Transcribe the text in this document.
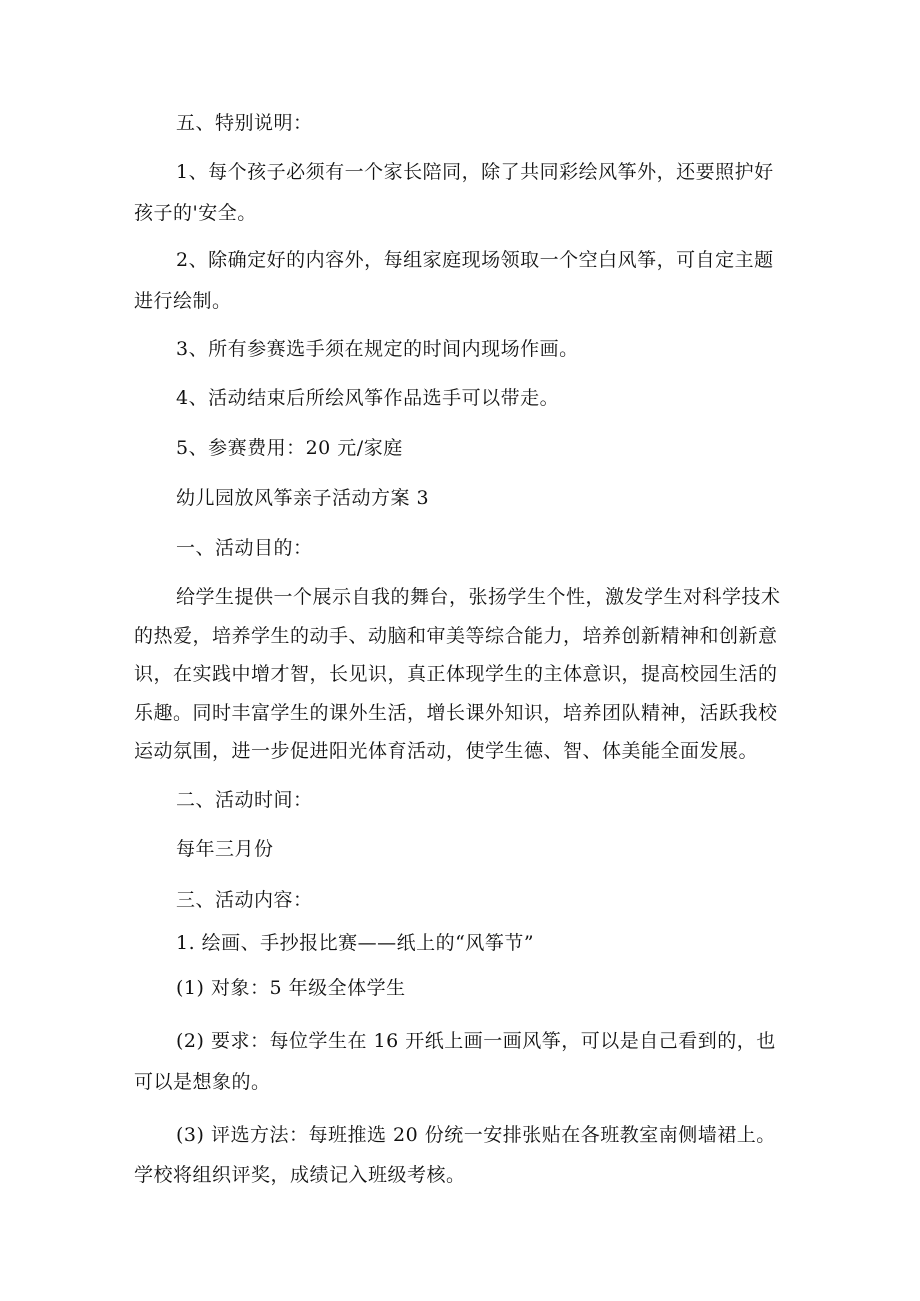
五、特别说明：

1、每个孩子必须有一个家长陪同，除了共同彩绘风筝外，还要照护好

孩子的'安全。

2、除确定好的内容外，每组家庭现场领取一个空白风筝，可自定主题

进行绘制。

3、所有参赛选手须在规定的时间内现场作画。

4、活动结束后所绘风筝作品选手可以带走。

5、参赛费用：20 元/家庭

幼儿园放风筝亲子活动方案 3

一、活动目的：

给学生提供一个展示自我的舞台，张扬学生个性，激发学生对科学技术

的热爱，培养学生的动手、动脑和审美等综合能力，培养创新精神和创新意

识，在实践中增才智，长见识，真正体现学生的主体意识，提高校园生活的

乐趣。同时丰富学生的课外生活，增长课外知识，培养团队精神，活跃我校

运动氛围，进一步促进阳光体育活动，使学生德、智、体美能全面发展。

二、活动时间：

每年三月份

三、活动内容：

1. 绘画、手抄报比赛——纸上的“风筝节”

(1) 对象：5 年级全体学生

(2) 要求：每位学生在 16 开纸上画一画风筝，可以是自己看到的，也

可以是想象的。

(3) 评选方法：每班推选 20 份统一安排张贴在各班教室南侧墙裙上。

学校将组织评奖，成绩记入班级考核。
